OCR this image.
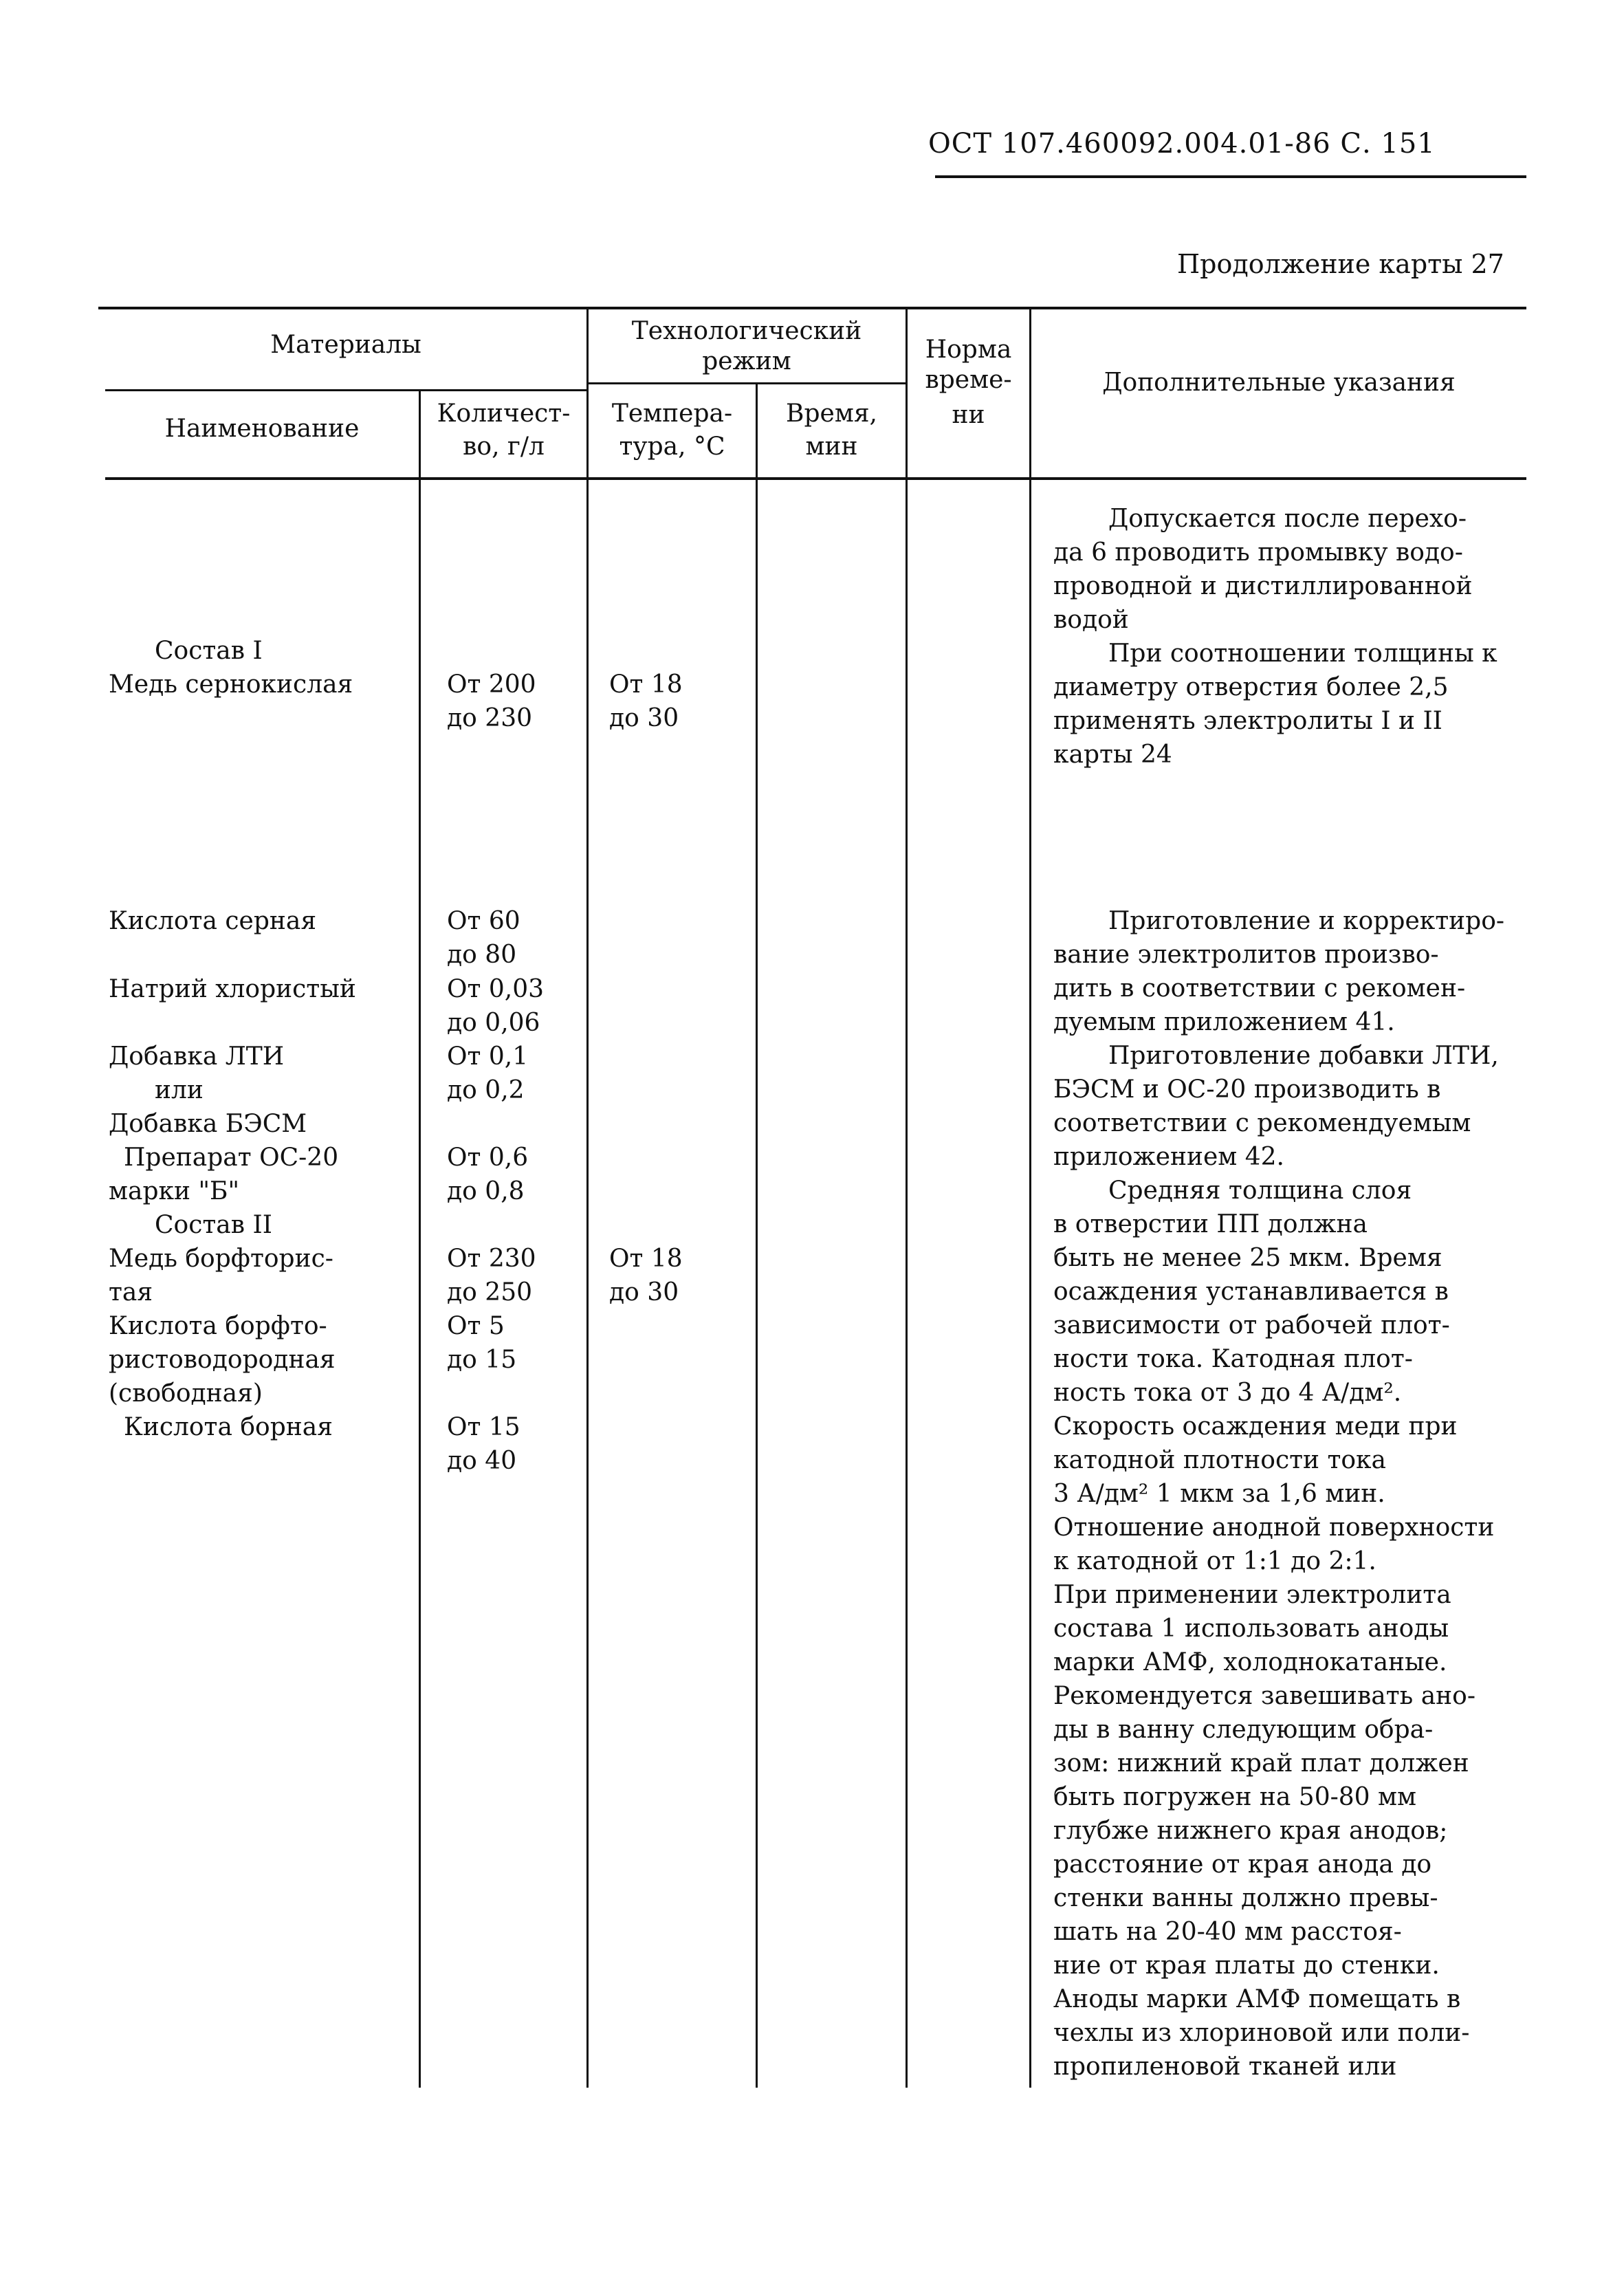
ОСТ 107.460092.004.01-86 С. 151
Продолжение карты 27
Материалы	Технологический
режим	Норма
време-
ни
Дополнительные указания
Наименование
Количест-
во, г/л
Темпера-
тура, °С
Время,
мин
Состав I
Медь сернокислая
Кислота серная
Натрий хлористый
Добавка ЛТИ
или
Добавка БЭСМ
Препарат ОС-20
марки "Б"
Состав II
Медь борфторис-
тая
Кислота борфто-
ристоводородная
(свободная)
Кислота борная
От 200
до 230
От 60
до 80
От 0,03
до 0,06
От 0,1
до 0,2
От 0,6
до 0,8
От 230
до 250
От 5
до 15
От 15
до 40
От 18
до 30
От 18
до 30
Допускается после перехо-
да 6 проводить промывку водо-
проводной и дистиллированной
водой
При соотношении толщины к
диаметру отверстия более 2,5
применять электролиты I и II
карты 24
Приготовление и корректиро-
вание электролитов произво-
дить в соответствии с рекомен-
дуемым приложением 41.
Приготовление добавки ЛТИ,
БЭСМ и ОС-20 производить в
соответствии с рекомендуемым
приложением 42.
Средняя толщина слоя
в отверстии ПП должна
быть не менее 25 мкм. Время
осаждения устанавливается в
зависимости от рабочей плот-
ности тока. Катодная плот-
ность тока от 3 до 4 А/дм².
Скорость осаждения меди при
катодной плотности тока
3 А/дм² 1 мкм за 1,6 мин.
Отношение анодной поверхности
к катодной от 1:1 до 2:1.
При применении электролита
состава 1 использовать аноды
марки АМФ, холоднокатаные.
Рекомендуется завешивать ано-
ды в ванну следующим обра-
зом: нижний край плат должен
быть погружен на 50-80 мм
глубже нижнего края анодов;
расстояние от края анода до
стенки ванны должно превы-
шать на 20-40 мм расстоя-
ние от края платы до стенки.
Аноды марки АМФ помещать в
чехлы из хлориновой или поли-
пропиленовой тканей или
